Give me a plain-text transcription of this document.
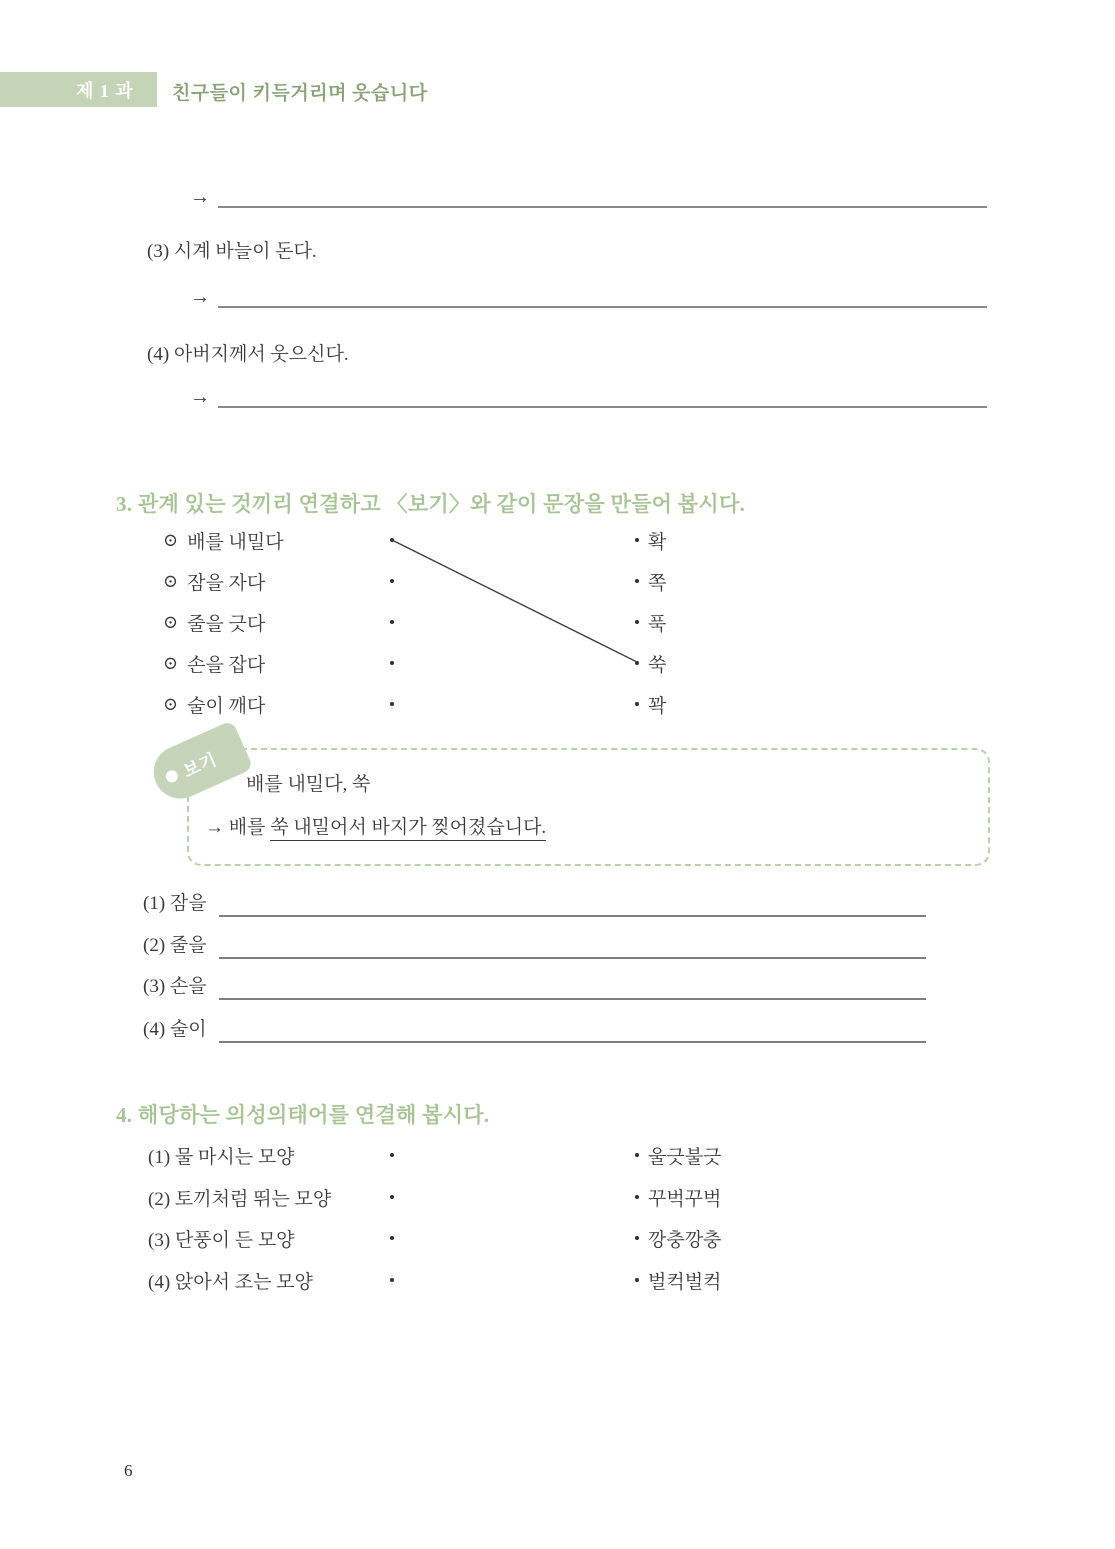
제 1 과 친구들이 키득거리며 웃습니다
→
(3) 시계 바늘이 돈다.
→
(4) 아버지께서 웃으신다.
→
3. 관계 있는 것끼리 연결하고 〈보기〉와 같이 문장을 만들어 봅시다.
⊙ 배를 내밀다
⊙ 잠을 자다
⊙ 줄을 긋다
⊙ 손을 잡다
⊙ 술이 깨다
확
쪽
푹
쑥
꽉
보기
배를 내밀다, 쑥
→ 배를 쑥 내밀어서 바지가 찢어졌습니다.
(1) 잠을
(2) 줄을
(3) 손을
(4) 술이
4. 해당하는 의성의태어를 연결해 봅시다.
(1) 물 마시는 모양
(2) 토끼처럼 뛰는 모양
(3) 단풍이 든 모양
(4) 앉아서 조는 모양
울긋불긋
꾸벅꾸벅
깡충깡충
벌컥벌컥
6
